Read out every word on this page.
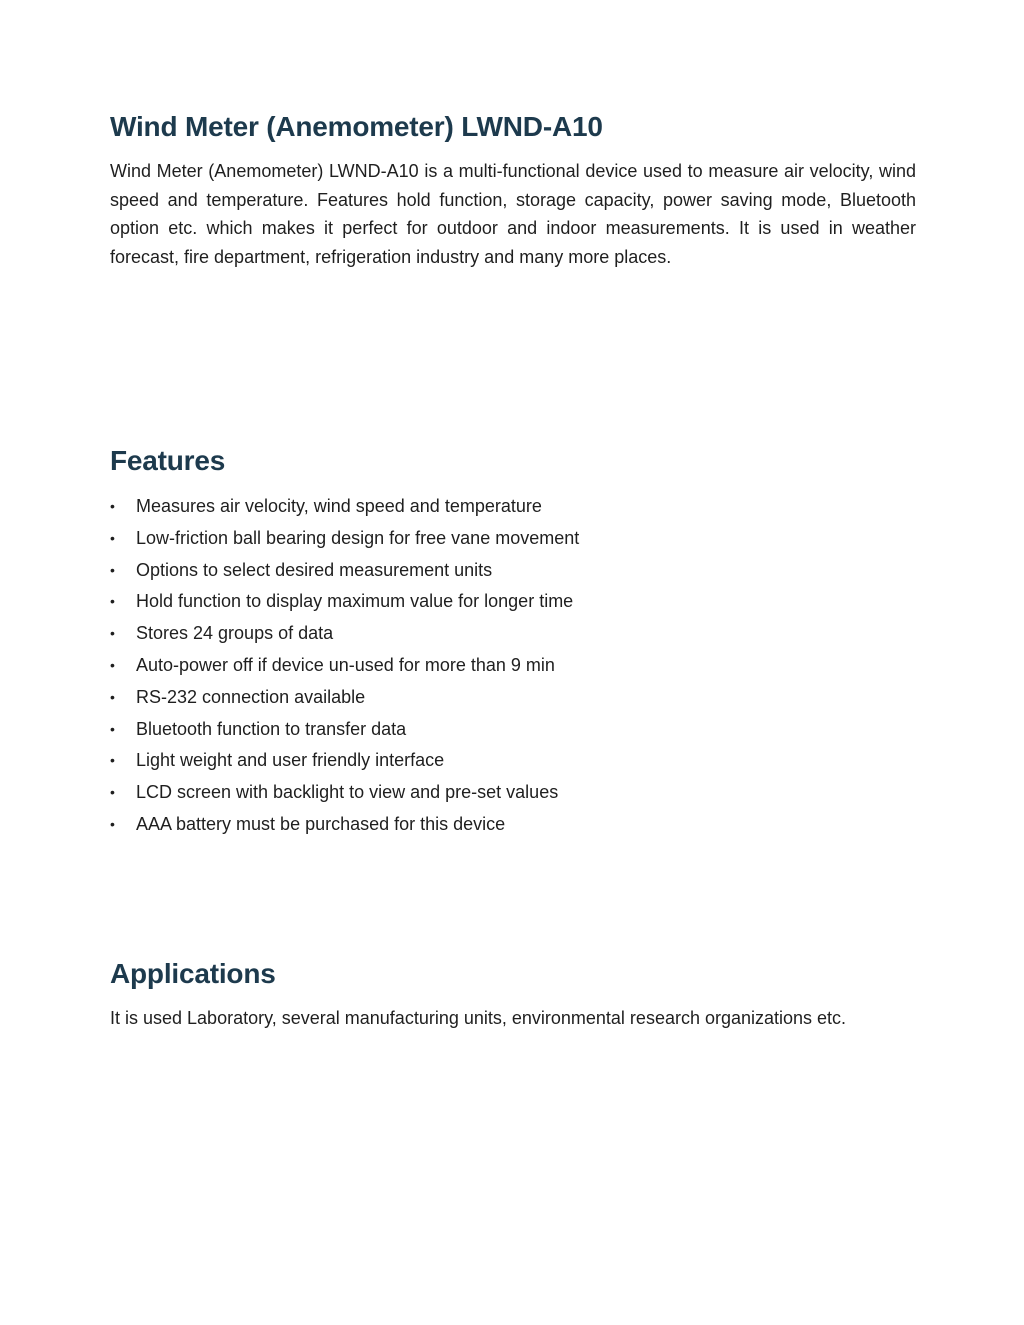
Wind Meter (Anemometer) LWND-A10

Wind Meter (Anemometer) LWND-A10 is a multi-functional device used to measure air velocity, wind speed and temperature. Features hold function, storage capacity, power saving mode, Bluetooth option etc. which makes it perfect for outdoor and indoor measurements. It is used in weather forecast, fire department, refrigeration industry and many more places.

Features
•	Measures air velocity, wind speed and temperature
•	Low-friction ball bearing design for free vane movement
•	Options to select desired measurement units
•	Hold function to display maximum value for longer time
•	Stores 24 groups of data
•	Auto-power off if device un-used for more than 9 min
•	RS-232 connection available
•	Bluetooth function to transfer data
•	Light weight and user friendly interface
•	LCD screen with backlight to view and pre-set values
•	AAA battery must be purchased for this device
Applications

It is used Laboratory, several manufacturing units, environmental research organizations etc.
